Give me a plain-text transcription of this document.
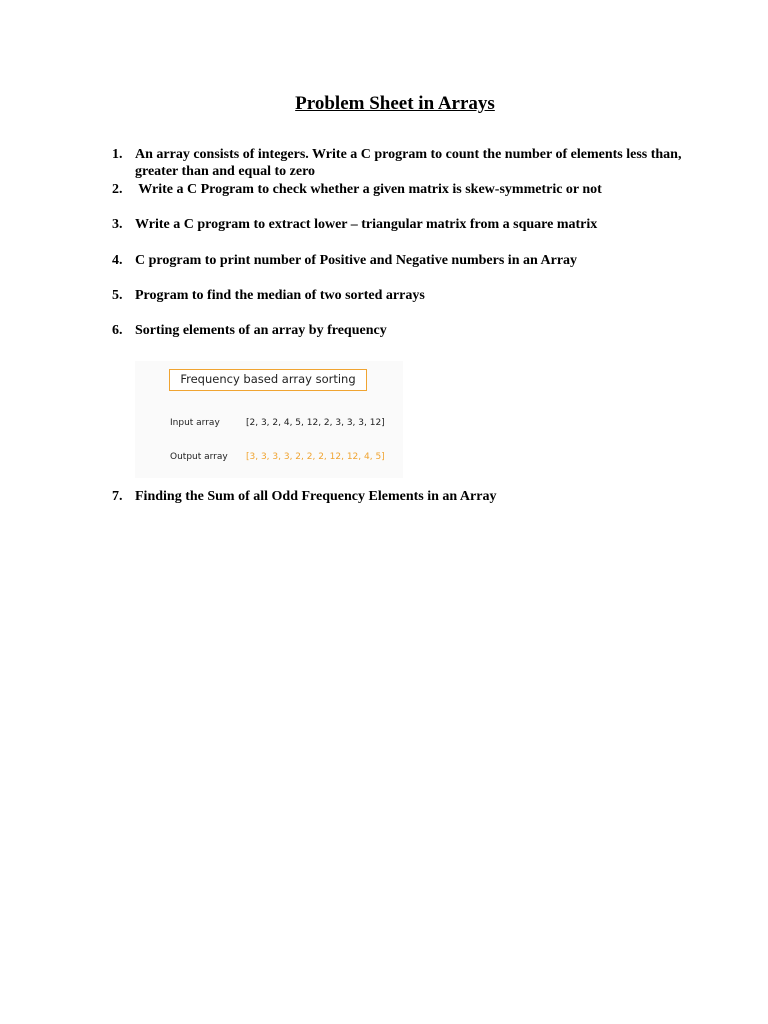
Problem Sheet in Arrays
1. An array consists of integers. Write a C program to count the number of elements less than, greater than and equal to zero
2. Write a C Program to check whether a given matrix is skew-symmetric or not
3. Write a C program to extract lower – triangular matrix from a square matrix
4. C program to print number of Positive and Negative numbers in an Array
5. Program to find the median of two sorted arrays
6. Sorting elements of an array by frequency
Frequency based array sorting
Input array	[2, 3, 2, 4, 5, 12, 2, 3, 3, 3, 12]
Output array [3, 3, 3, 3, 2, 2, 2, 12, 12, 4, 5]
7. Finding the Sum of all Odd Frequency Elements in an Array
